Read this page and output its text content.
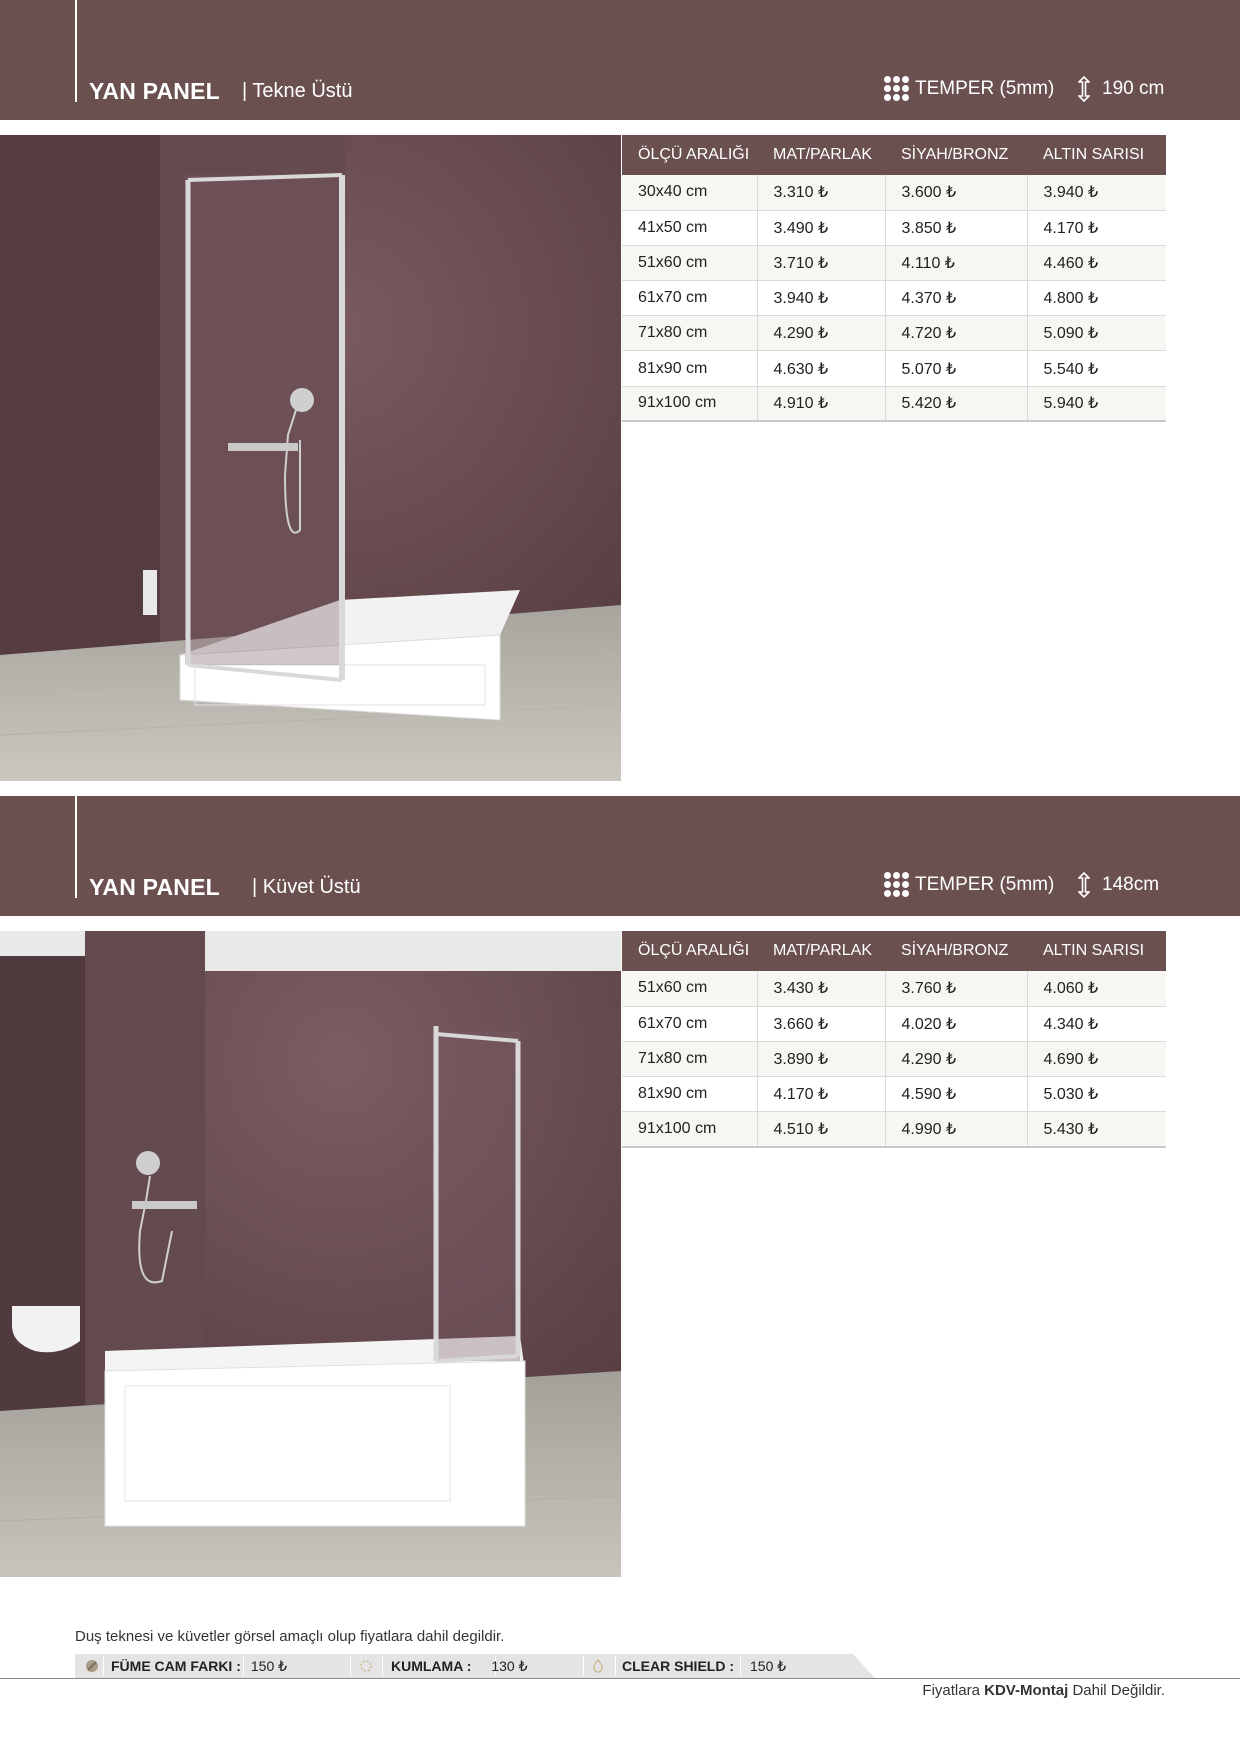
YAN PANEL | Tekne Üstü	TEMPER (5mm)	190 cm
ÖLÇÜ ARALIĞI	MAT/PARLAK	SİYAH/BRONZ	ALTIN SARISI
30x40 cm	3.310 ₺	3.600 ₺	3.940 ₺
41x50 cm	3.490 ₺	3.850 ₺	4.170 ₺
51x60 cm	3.710 ₺	4.110 ₺	4.460 ₺
61x70 cm	3.940 ₺	4.370 ₺	4.800 ₺
71x80 cm	4.290 ₺	4.720 ₺	5.090 ₺
81x90 cm	4.630 ₺	5.070 ₺	5.540 ₺
91x100 cm	4.910 ₺	5.420 ₺	5.940 ₺
YAN PANEL | Küvet Üstü	TEMPER (5mm)	148cm
ÖLÇÜ ARALIĞI	MAT/PARLAK	SİYAH/BRONZ	ALTIN SARISI
51x60 cm	3.430 ₺	3.760 ₺	4.060 ₺
61x70 cm	3.660 ₺	4.020 ₺	4.340 ₺
71x80 cm	3.890 ₺	4.290 ₺	4.690 ₺
81x90 cm	4.170 ₺	4.590 ₺	5.030 ₺
91x100 cm	4.510 ₺	4.990 ₺	5.430 ₺
Duş teknesi ve küvetler görsel amaçlı olup fiyatlara dahil degildir.
FÜME CAM FARKI : 150 ₺	KUMLAMA : 130 ₺	CLEAR SHIELD : 150 ₺
Fiyatlara KDV-Montaj Dahil Değildir.
